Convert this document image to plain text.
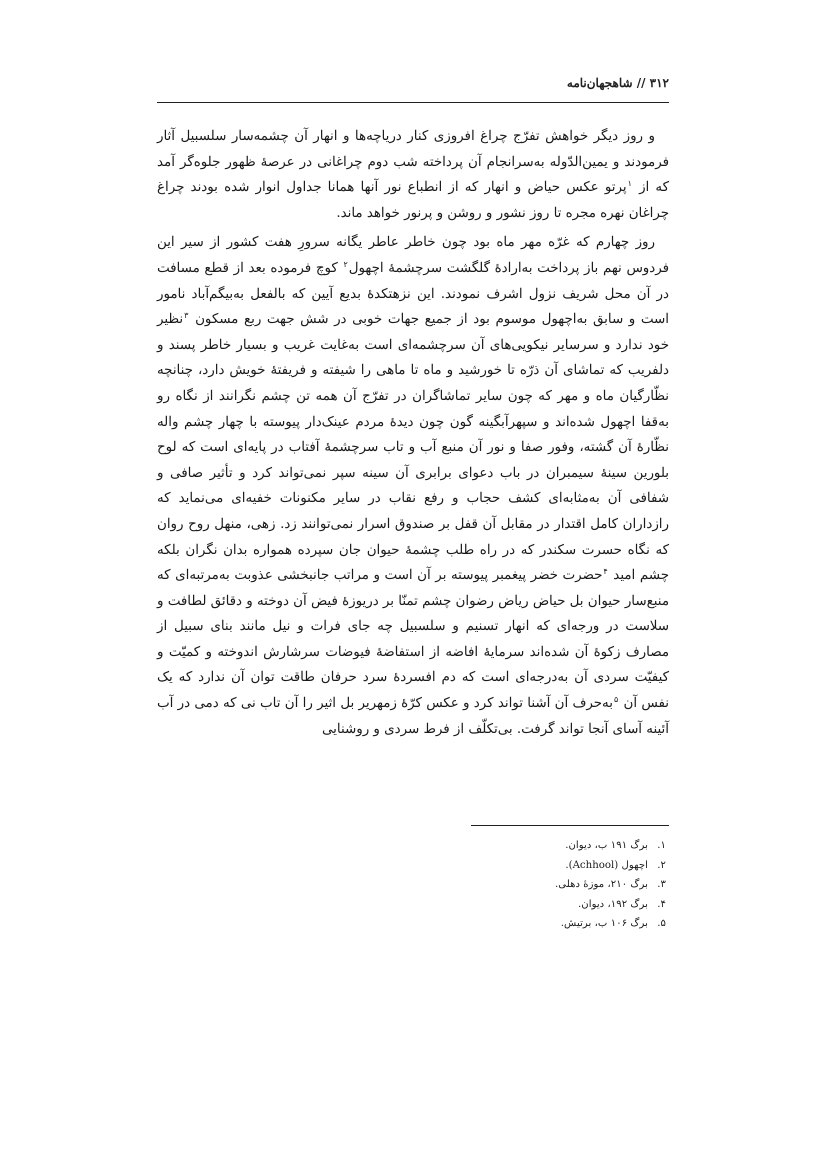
۳۱۲ // شاهجهان‌نامه

و روز دیگر خواهش تفرّج چراغ افروزی کنار دریاچه‌ها و انهار آن چشمه‌سار سلسبیل آثار فرمودند و یمین‌الدّوله به‌سرانجام آن پرداخته شب دوم چراغانی در عرصهٔ ظهور جلوه‌گر آمد که از $^۱$پرتو عکس حیاض و انهار که از انطباع نور آنها همانا جداول انوار شده بودند چراغ چراغان نهره مجره تا روز نشور و روشن و پرنور خواهد ماند.

روز چهارم که غرّه مهر ماه بود چون خاطر عاطر یگانه سرورِ هفت کشور از سیر این فردوس نهم باز پرداخت به‌ارادهٔ گلگشت سرچشمهٔ اچهول$^۲$ کوچ فرموده بعد از قطع مسافت در آن محل شریف نزول اشرف نمودند. این نزهتکدهٔ بدیع آیین که بالفعل به‌بیگم‌آباد نامور است و سابق به‌اچهول موسوم بود از جمیع جهات خوبی در شش جهت ربع مسکون $^۳$نظیر خود ندارد و سرسایر نیکویی‌های آن سرچشمه‌ای است به‌غایت غریب و بسیار خاطر پسند و دلفریب که تماشای آن ذرّه تا خورشید و ماه تا ماهی را شیفته و فریفتهٔ خویش دارد، چنانچه نظّارگیان ماه و مهر که چون سایر تماشاگران در تفرّج آن همه تن چشم نگرانند از نگاه رو به‌قفا اچهول شده‌اند و سپهرآبگینه گون چون دیدهٔ مردم عینک‌دار پیوسته با چهار چشم واله نظّارهٔ آن گشته، وفور صفا و نور آن منبع آب و تاب سرچشمهٔ آفتاب در پایه‌ای است که لوح بلورین سینهٔ سیمبران در باب دعوای برابری آن سینه سپر نمی‌تواند کرد و تأثیر صافی و شفافی آن به‌مثابه‌ای کشف حجاب و رفع نقاب در سایر مکنونات خفیه‌ای می‌نماید که رازداران کامل اقتدار در مقابل آن قفل بر صندوق اسرار نمی‌توانند زد. زهی، منهل روح روان که نگاه حسرت سکندر که در راه طلب چشمهٔ حیوان جان سپرده همواره بدان نگران بلکه چشم امید $^۴$حضرت خضر پیغمبر پیوسته بر آن است و مراتب جانبخشی عذوبت به‌مرتبه‌ای که منبع‌سار حیوان بل حیاض ریاض رضوان چشم تمنّا بر دریوزهٔ فیض آن دوخته و دقائق لطافت و سلاست در ورجه‌ای که انهار تسنیم و سلسبیل چه جای فرات و نیل مانند بنای سبیل از مصارف زکوهٔ آن شده‌اند سرمایهٔ افاضه از استفاضهٔ فیوضات سرشارش اندوخته و کمیّت و کیفیّت سردی آن به‌درجه‌ای است که دم افسردهٔ سرد حرفان طاقت توان آن ندارد که یک نفس آن $^۵$به‌حرف آن آشنا تواند کرد و عکس کرّهٔ زمهریر بل اثیر را آن تاب نی که دمی در آب آئینه آسای آنجا تواند گرفت. بی‌تکلّف از فرط سردی و روشنایی

۱.برگ ۱۹۱ ب، دیوان.
۲.اچهول (Achhool).
۳.برگ ۲۱۰، موزهٔ دهلی.
۴.برگ ۱۹۲، دیوان.
۵.برگ ۱۰۶ ب، برتیش.
